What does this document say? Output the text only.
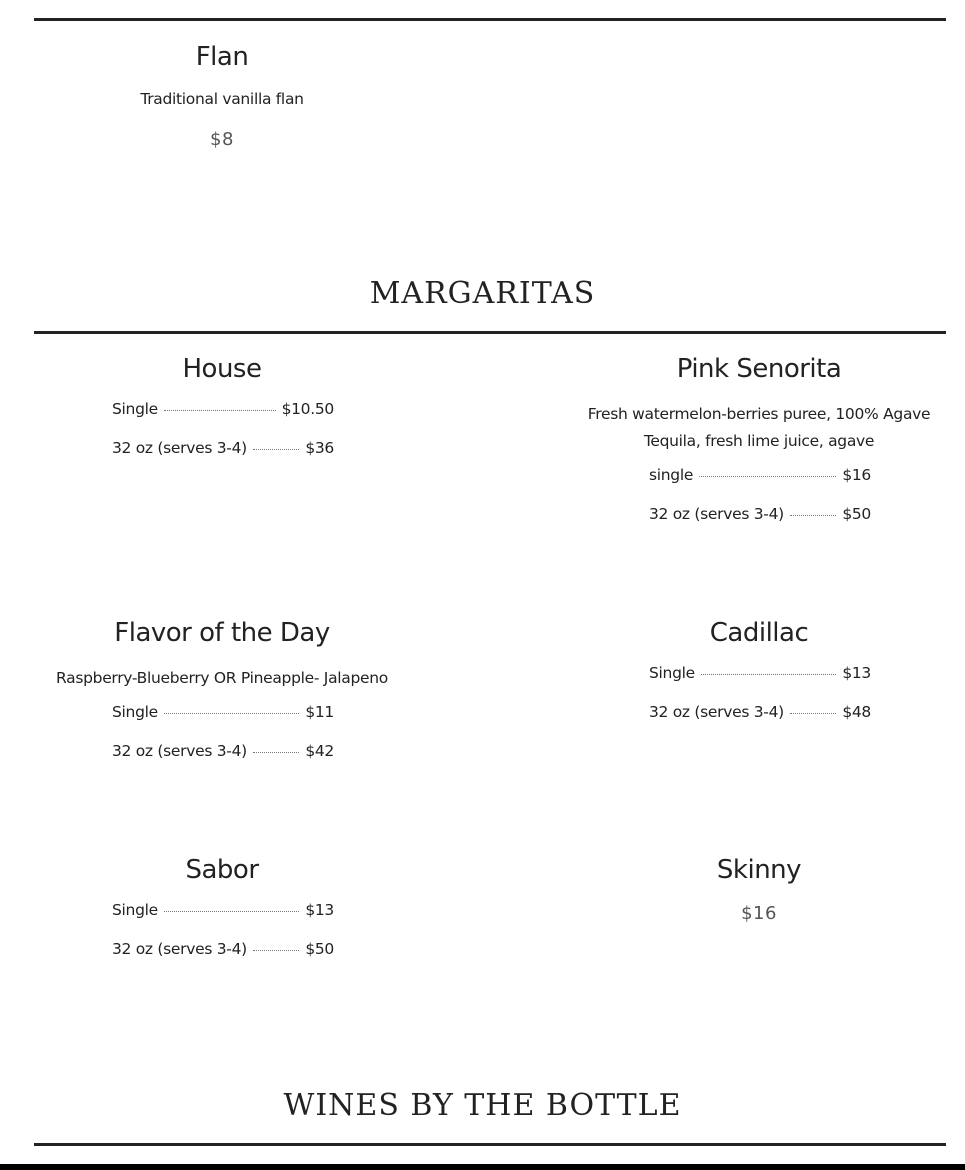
Flan

Traditional vanilla flan

$8

MARGARITAS
House
Single	$10.50
32 oz (serves 3-4)	$36
Pink Senorita

Fresh watermelon-berries puree, 100% Agave

Tequila, fresh lime juice, agave

single	$16
32 oz (serves 3-4)	$50
Flavor of the Day

Raspberry-Blueberry OR Pineapple- Jalapeno

Single	$11
32 oz (serves 3-4)	$42
Cadillac
Single	$13
32 oz (serves 3-4)	$48
Sabor
Single	$13
32 oz (serves 3-4)	$50
Skinny

$16

WINES BY THE BOTTLE
